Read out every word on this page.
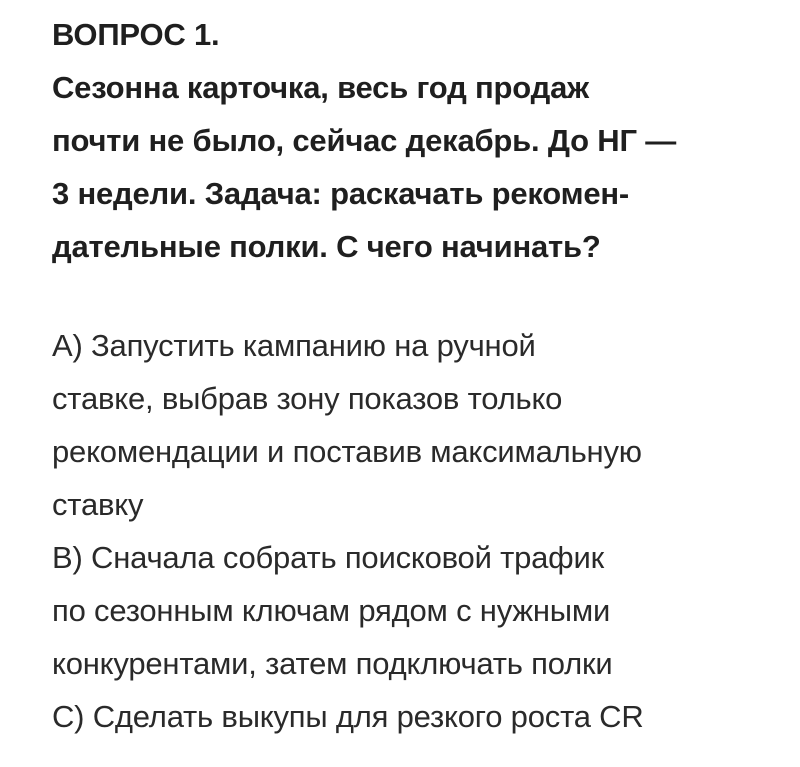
ВОПРОС 1.
Сезонна карточка, весь год продаж
почти не было, сейчас декабрь. До НГ —
3 недели. Задача: раскачать рекомен-
дательные полки. С чего начинать?
A) Запустить кампанию на ручной
ставке, выбрав зону показов только
рекомендации и поставив максимальную
ставку
B) Сначала собрать поисковой трафик
по сезонным ключам рядом с нужными
конкурентами, затем подключать полки
C) Сделать выкупы для резкого роста CR
